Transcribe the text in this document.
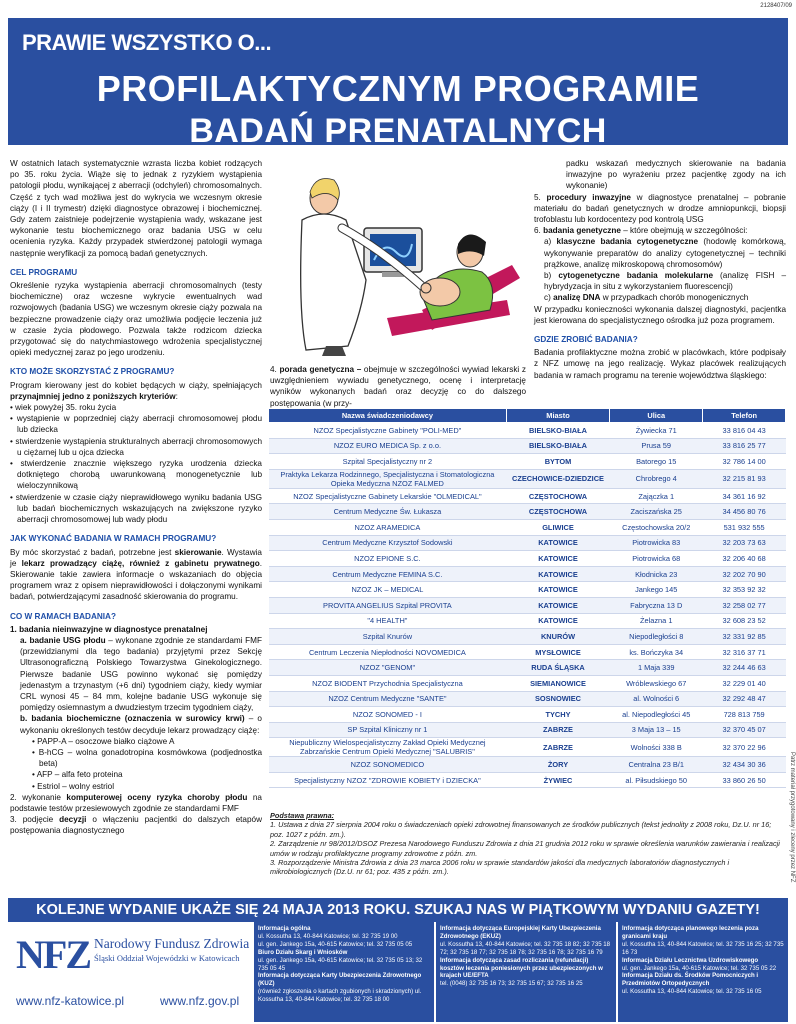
2128407/09
PRAWIE WSZYSTKO O...
PROFILAKTYCZNYM PROGRAMIE
BADAŃ PRENATALNYCH

W ostatnich latach systematycznie wzrasta liczba kobiet rodzących po 35. roku życia. Wiąże się to jednak z ryzykiem wystąpienia patologii płodu, wynikającej z aberracji (odchyleń) chromosomalnych. Część z tych wad możliwa jest do wykrycia we wczesnym okresie ciąży (I i II trymestr) dzięki diagnostyce obrazowej i biochemicznej. Gdy zatem zaistnieje podejrzenie wystąpienia wady, wskazane jest wykonanie testu biochemicznego oraz badania USG w celu ocenienia ryzyka. Każdy przypadek stwierdzonej patologii wymaga następnie weryfikacji za pomocą badań genetycznych.

CEL PROGRAMU

Określenie ryzyka wystąpienia aberracji chromosomalnych (testy biochemiczne) oraz wczesne wykrycie ewentualnych wad rozwojowych (badania USG) we wczesnym okresie ciąży pozwala na bezpieczne prowadzenie ciąży oraz umożliwia podjęcie leczenia już w czasie życia płodowego. Pozwala także rodzicom dziecka przygotować się do natychmiastowego wdrożenia specjalistycznej opieki medycznej zaraz po jego urodzeniu.

KTO MOŻE SKORZYSTAĆ Z PROGRAMU?

Program kierowany jest do kobiet będących w ciąży, spełniających przynajmniej jedno z poniższych kryteriów:

• wiek powyżej 35. roku życia
• wystąpienie w poprzedniej ciąży aberracji chromosomowej płodu lub dziecka
• stwierdzenie wystąpienia strukturalnych aberracji chromosomowych u ciężarnej lub u ojca dziecka
• stwierdzenie znacznie większego ryzyka urodzenia dziecka dotkniętego chorobą uwarunkowaną monogenetycznie lub wieloczynnikową
• stwierdzenie w czasie ciąży nieprawidłowego wyniku badania USG lub badań biochemicznych wskazujących na zwiększone ryzyko aberracji chromosomowej lub wady płodu
JAK WYKONAĆ BADANIA W RAMACH PROGRAMU?

By móc skorzystać z badań, potrzebne jest skierowanie. Wystawia je lekarz prowadzący ciążę, również z gabinetu prywatnego. Skierowanie takie zawiera informacje o wskazaniach do objęcia programem wraz z opisem nieprawidłowości i dołączonymi wynikami badań, potwierdzającymi zasadność skierowania do programu.

CO W RAMACH BADANIA?

1. badania nieinwazyjne w diagnostyce prenatalnej

a. badanie USG płodu – wykonane zgodnie ze standardami FMF (przewidzianymi dla tego badania) przyjętymi przez Sekcję Ultrasonograficzną Polskiego Towarzystwa Ginekologicznego. Pierwsze badanie USG powinno wykonać się pomiędzy jedenastym a trzynastym (+6 dni) tygodniem ciąży, kiedy wymiar CRL wynosi 45 – 84 mm, kolejne badanie USG wykonuje się pomiędzy osiemnastym a dwudziestym trzecim tygodniem ciąży,

b. badania biochemiczne (oznaczenia w surowicy krwi) – o wykonaniu określonych testów decyduje lekarz prowadzący ciążę:

• PAPP-A – osoczowe białko ciążowe A
• B-hCG – wolna gonadotropina kosmówkowa (podjednostka beta)
• AFP – alfa feto proteina
• Estriol – wolny estriol

2. wykonanie komputerowej oceny ryzyka choroby płodu na podstawie testów przesiewowych zgodnie ze standardami FMF

3. podjęcie decyzji o włączeniu pacjentki do dalszych etapów postępowania diagnostycznego

4. porada genetyczna – obejmuje w szczególności wywiad lekarski z uwzględnieniem wywiadu genetycznego, ocenę i interpretację wyników wykonanych badań oraz decyzję co do dalszego postępowania (w przy-

padku wskazań medycznych skierowanie na badania inwazyjne po wyrażeniu przez pacjentkę zgody na ich wykonanie)

5. procedury inwazyjne w diagnostyce prenatalnej – pobranie materiału do badań genetycznych w drodze amniopunkcji, biopsji trofoblastu lub kordocentezy pod kontrolą USG

6. badania genetyczne – które obejmują w szczególności:

a) klasyczne badania cytogenetyczne (hodowlę komórkową, wykonywanie preparatów do analizy cytogenetycznej – techniki prążkowe, analizę mikroskopową chromosomów)

b) cytogenetyczne badania molekularne (analizę FISH – hybrydyzacja in situ z wykorzystaniem fluorescencji)

c) analizę DNA w przypadkach chorób monogenicznych

W przypadku konieczności wykonania dalszej diagnostyki, pacjentka jest kierowana do specjalistycznego ośrodka już poza programem.

GDZIE ZROBIĆ BADANIA?

Badania profilaktyczne można zrobić w placówkach, które podpisały z NFZ umowę na jego realizację. Wykaz placówek realizujących badania w ramach programu na terenie województwa śląskiego:

Nazwa świadczeniodawcy	Miasto	Ulica	Telefon
NZOZ Specjalistyczne Gabinety "POLI-MED"	BIELSKO-BIAŁA	Żywiecka 71	33 816 04 43
NZOZ EURO MEDICA Sp. z o.o.	BIELSKO-BIAŁA	Prusa 59	33 816 25 77
Szpital Specjalistyczny nr 2	BYTOM	Batorego 15	32 786 14 00
Praktyka Lekarza Rodzinnego, Specjalistyczna i Stomatologiczna Opieka Medyczna NZOZ FALMED	CZECHOWICE-DZIEDZICE	Chrobrego 4	32 215 81 93
NZOZ Specjalistyczne Gabinety Lekarskie "OLMEDICAL"	CZĘSTOCHOWA	Zajączka 1	34 361 16 92
Centrum Medyczne Św. Łukasza	CZĘSTOCHOWA	Zaciszańska 25	34 456 80 76
NZOZ ARAMEDICA	GLIWICE	Częstochowska 20/2	531 932 555
Centrum Medyczne Krzysztof Sodowski	KATOWICE	Piotrowicka 83	32 203 73 63
NZOZ EPIONE S.C.	KATOWICE	Piotrowicka 68	32 206 40 68
Centrum Medyczne FEMINA S.C.	KATOWICE	Kłodnicka 23	32 202 70 90
NZOZ JK – MEDICAL	KATOWICE	Jankego 145	32 353 92 32
PROVITA ANGELIUS Szpital PROVITA	KATOWICE	Fabryczna 13 D	32 258 02 77
"4 HEALTH"	KATOWICE	Żelazna 1	32 608 23 52
Szpital Knurów	KNURÓW	Niepodległości 8	32 331 92 85
Centrum Leczenia Niepłodności NOVOMEDICA	MYSŁOWICE	ks. Bończyka 34	32 316 37 71
NZOZ "GENOM"	RUDA ŚLĄSKA	1 Maja 339	32 244 46 63
NZOZ BIODENT Przychodnia Specjalistyczna	SIEMIANOWICE	Wróblewskiego 67	32 229 01 40
NZOZ Centrum Medyczne "SANTE"	SOSNOWIEC	al. Wolności 6	32 292 48 47
NZOZ SONOMED - I	TYCHY	al. Niepodległości 45	728 813 759
SP Szpital Kliniczny nr 1	ZABRZE	3 Maja 13 – 15	32 370 45 07
Niepubliczny Wielospecjalistyczny Zakład Opieki Medycznej Zabrzańskie Centrum Opieki Medycznej "SALUBRIS"	ZABRZE	Wolności 338 B	32 370 22 96
NZOZ SONOMEDICO	ŻORY	Centralna 23 B/1	32 434 30 36
Specjalistyczny NZOZ "ZDROWIE KOBIETY i DZIECKA"	ŻYWIEC	al. Piłsudskiego 50	33 860 26 50
Podstawa prawna:
1. Ustawa z dnia 27 sierpnia 2004 roku o świadczeniach opieki zdrowotnej finansowanych ze środków publicznych (tekst jednolity z 2008 roku, Dz.U. nr 16; poz. 1027 z późn. zm.).
2. Zarządzenie nr 98/2012/DSOZ Prezesa Narodowego Funduszu Zdrowia z dnia 21 grudnia 2012 roku w sprawie określenia warunków zawierania i realizacji umów w rodzaju profilaktyczne programy zdrowotne z późn. zm.
3. Rozporządzenie Ministra Zdrowia z dnia 23 marca 2006 roku w sprawie standardów jakości dla medycznych laboratoriów diagnostycznych i mikrobiologicznych (Dz.U. nr 61; poz. 435 z późn. zm.).	Patrz materiał przygotowany i zleceny przez NFZ
KOLEJNE WYDANIE UKAŻE SIĘ 24 MAJA 2013 ROKU. SZUKAJ NAS W PIĄTKOWYM WYDANIU GAZETY!
NFZ Narodowy Fundusz Zdrowia
Śląski Oddział Wojewódzki w Katowicach
www.nfz-katowice.pl	www.nfz.gov.pl
Informacja ogólna
ul. Kossutha 13, 40-844 Katowice; tel. 32 735 19 00
ul. gen. Jankego 15a, 40-615 Katowice; tel. 32 735 05 05
Biuro Działu Skarg i Wniosków
ul. gen. Jankego 15a, 40-615 Katowice; tel. 32 735 05 13; 32 735 05 45
Informacja dotycząca Karty Ubezpieczenia Zdrowotnego (KUZ)
(również zgłoszenia o kartach zgubionych i skradzionych) ul. Kossutha 13, 40-844 Katowice; tel. 32 735 18 00
Informacja dotycząca Europejskiej Karty Ubezpieczenia Zdrowotnego (EKUZ)
ul. Kossutha 13, 40-844 Katowice; tel. 32 735 18 82; 32 735 18 72; 32 735 18 77; 32 735 18 78; 32 735 16 78; 32 735 16 79
Informacja dotycząca zasad rozliczania (refundacji) kosztów leczenia poniesionych przez ubezpieczonych w krajach UE/EFTA
tel. (0048) 32 735 16 73; 32 735 15 67; 32 735 16 25
Informacja dotycząca planowego leczenia poza granicami kraju
ul. Kossutha 13, 40-844 Katowice; tel. 32 735 16 25; 32 735 16 73
Informacja Działu Lecznictwa Uzdrowiskowego
ul. gen. Jankego 15a, 40-615 Katowice; tel. 32 735 05 22
Informacja Działu ds. Środków Pomocniczych i Przedmiotów Ortopedycznych
ul. Kossutha 13, 40-844 Katowice; tel. 32 735 16 05
